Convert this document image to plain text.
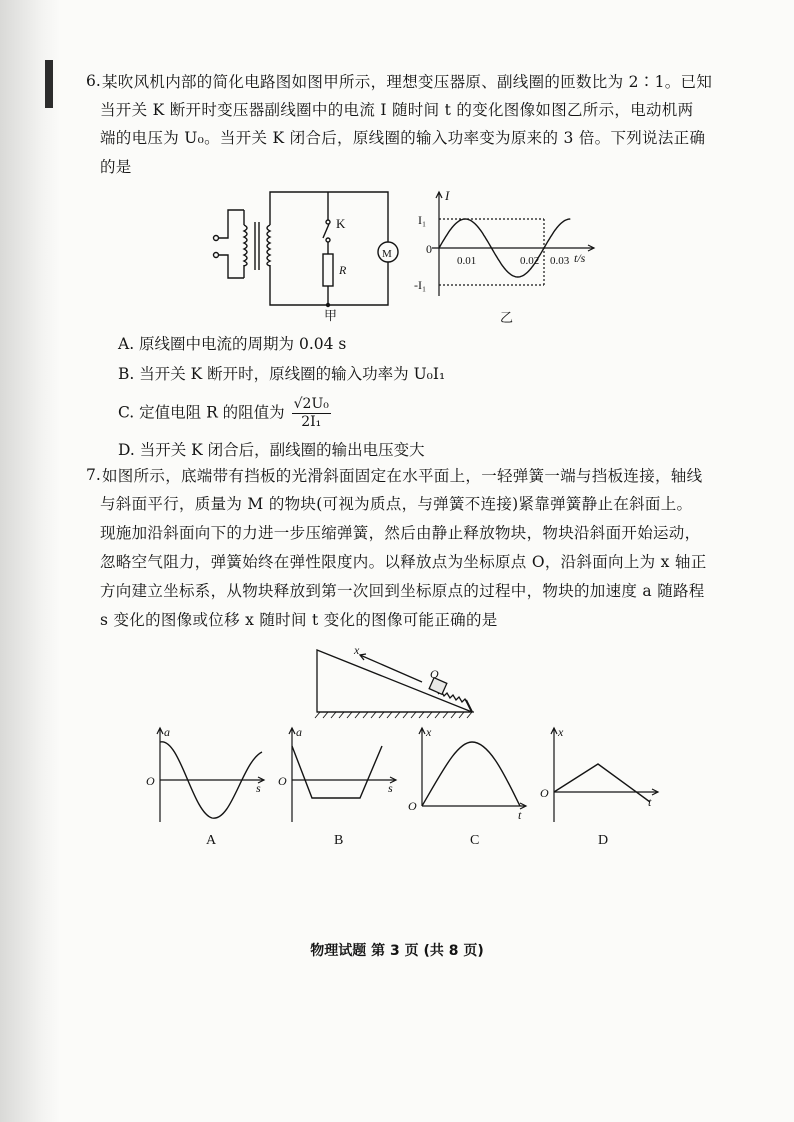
6. 某吹风机内部的简化电路图如图甲所示，理想变压器原、副线圈的匝数比为 2∶1。已知
当开关 K 断开时变压器副线圈中的电流 I 随时间 t 的变化图像如图乙所示，电动机两
端的电压为 U₀。当开关 K 闭合后，原线圈的输入功率变为原来的 3 倍。下列说法正确
的是
K
R
M
甲
I
I₁
-I₁
0
0.01	0.02 0.03 t/s
乙
A. 原线圈中电流的周期为 0.04 s
B. 当开关 K 断开时，原线圈的输入功率为 U₀I₁
C. 定值电阻 R 的阻值为 $\frac{\text{√2U₀}}{\text{2I₁}}$
D. 当开关 K 闭合后，副线圈的输出电压变大
7. 如图所示，底端带有挡板的光滑斜面固定在水平面上，一轻弹簧一端与挡板连接，轴线
与斜面平行，质量为 M 的物块(可视为质点，与弹簧不连接)紧靠弹簧静止在斜面上。
现施加沿斜面向下的力进一步压缩弹簧，然后由静止释放物块，物块沿斜面开始运动，
忽略空气阻力，弹簧始终在弹性限度内。以释放点为坐标原点 O，沿斜面向上为 x 轴正
方向建立坐标系，从物块释放到第一次回到坐标原点的过程中，物块的加速度 a 随路程
s 变化的图像或位移 x 随时间 t 变化的图像可能正确的是
x
O
a
O	s
A
a
O	s
B
x
O
t
C
x
O
t
D
物理试题 第 3 页 (共 8 页)
